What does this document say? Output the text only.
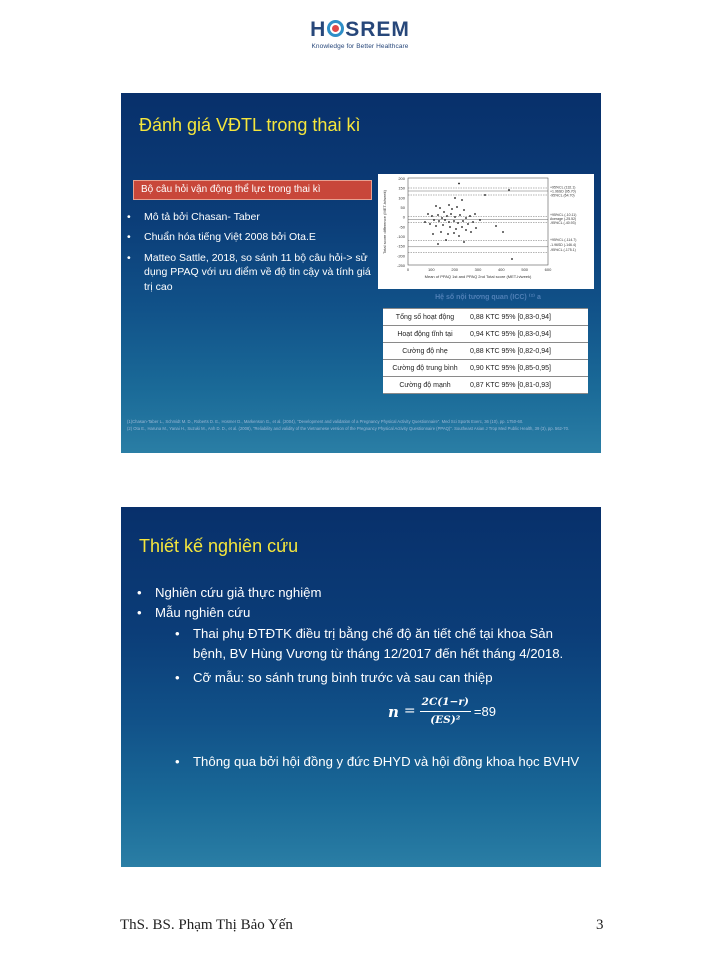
H SREM
Knowledge for Better Healthcare
Đánh giá VĐTL trong thai kì
Bộ câu hỏi vận động thể lực trong thai kì
• Mô tả bởi Chasan- Taber
• Chuẩn hóa tiếng Việt 2008 bởi Ota.E
• Matteo Sattle, 2018, so sánh 11 bộ câu hỏi-> sử dụng PPAQ với ưu điểm về độ tin cậy và tính giá trị cao
Total score difference (MET-h/week)
200
150
100
50
0
-50
-100
-150
-200
-250
0	100	200	300	400	500	600
Mean of PPAQ 1st and PPAQ 2nd Total score (MET-h/week)
+95%CL (132.1)
+1.96SD (95.70)
-95%CL (64.70)
+95%CL (-10.11)
Average (-25.52)
-95%CL (-40.93)
+95%CL (-114.7)
-1.96SD (-146.4)
-95%CL (-175.1)
Hệ số nội tương quan (ICC) ⁽²⁾ a
Tổng số hoạt động	0,88 KTC 95% [0,83-0,94]
Hoạt động tĩnh tại	0,94 KTC 95% [0,83-0,94]
Cường độ nhẹ	0,88 KTC 95% [0,82-0,94]
Cường độ trung bình	0,90 KTC 95% [0,85-0,95]
Cường độ mạnh	0,87 KTC 95% [0,81-0,93]
(1)Chasan-Taber L., Schmidt M. D., Roberts D. E., Hosmer D., Markenson G., et al. (2004), "Development and validation of a Pregnancy Physical Activity Questionnaire". Med Sci Sports Exerc, 36 (10), pp. 1750-60.
(2) Ota E., Haruna M., Yanai H., Suzuki M., Anh D. D., et al. (2008), "Reliability and validity of the Vietnamese version of the Pregnancy Physical Activity Questionnaire (PPAQ)". Southeast Asian J Trop Med Public Health, 39 (3), pp. 562-70.
Thiết kế nghiên cứu
• Nghiên cứu giả thực nghiệm
• Mẫu nghiên cứu
• Thai phụ ĐTĐTK điều trị bằng chế độ ăn tiết chế tại khoa Sản bệnh, BV Hùng Vương từ tháng 12/2017 đến hết tháng 4/2018.
• Cỡ mẫu: so sánh trung bình trước và sau can thiệp
$n = \frac{2C(1-r)}{\text{(ES)²}} =89$
• Thông qua bởi hội đồng y đức ĐHYD và hội đồng khoa học BVHV
ThS. BS. Phạm Thị Bảo Yến	3
